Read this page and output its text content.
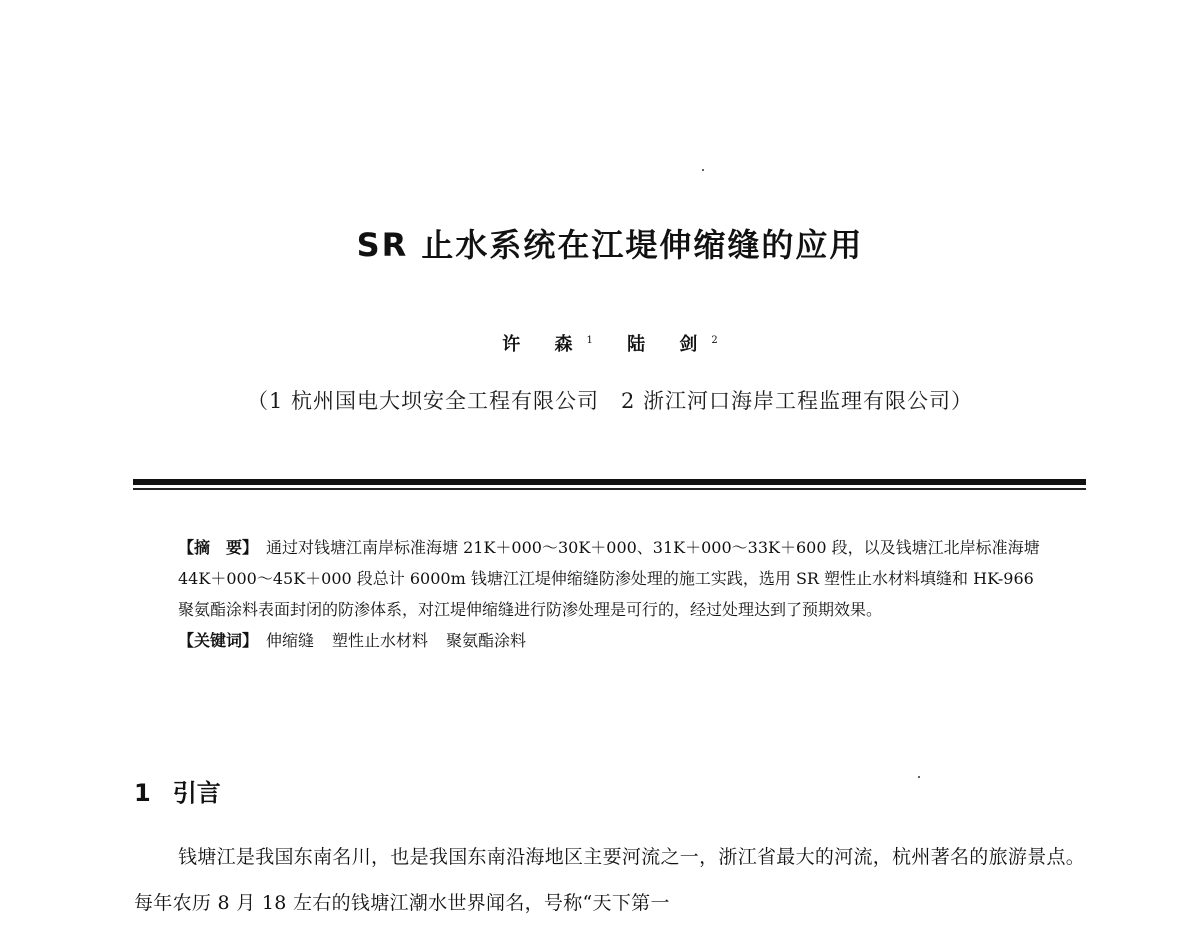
SR 止水系统在江堤伸缩缝的应用
许 森$^1$ 陆 剑$^2$
（1 杭州国电大坝安全工程有限公司　2 浙江河口海岸工程监理有限公司）

【摘　要】 通过对钱塘江南岸标准海塘 21K＋000～30K＋000、31K＋000～33K＋600 段，以及钱塘江北岸标准海塘 44K＋000～45K＋000 段总计 6000m 钱塘江江堤伸缩缝防渗处理的施工实践，选用 SR 塑性止水材料填缝和 HK-966 聚氨酯涂料表面封闭的防渗体系，对江堤伸缩缝进行防渗处理是可行的，经过处理达到了预期效果。

【关键词】 伸缩缝 塑性止水材料 聚氨酯涂料

1 引言

钱塘江是我国东南名川，也是我国东南沿海地区主要河流之一，浙江省最大的河流，杭州著名的旅游景点。每年农历 8 月 18 左右的钱塘江潮水世界闻名，号称“天下第一
